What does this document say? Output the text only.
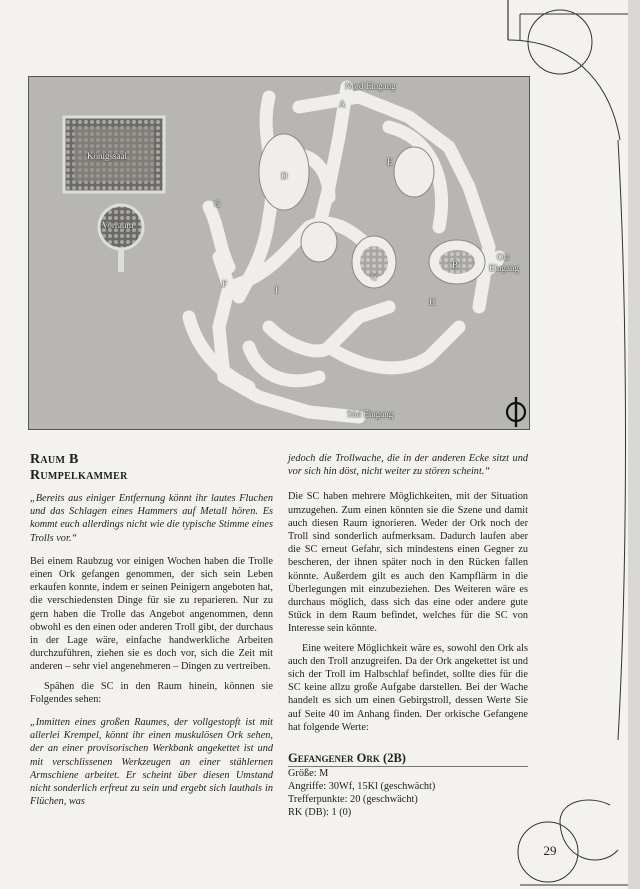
Königssaal
Vorraum
Nord Eingang
Ost
Eingang
Süd Eingang
A
B
C
D
E
F
G
H
I
Raum B
Rumpelkammer

„Bereits aus einiger Entfernung könnt ihr lautes Fluchen und das Schlagen eines Hammers auf Metall hören. Es kommt euch allerdings nicht wie die typische Stimme eines Trolls vor.“

Bei einem Raubzug vor einigen Wochen haben die Trolle einen Ork gefangen genommen, der sich sein Leben erkaufen konnte, indem er seinen Peinigern angeboten hat, die verschiedensten Dinge für sie zu reparieren. Nur zu gern haben die Trolle das Angebot angenommen, denn obwohl es den einen oder anderen Troll gibt, der durchaus in der Lage wäre, einfache handwerkliche Arbeiten durchzuführen, ziehen sie es doch vor, sich die Zeit mit anderen – sehr viel angenehmeren – Dingen zu vertreiben.

Spähen die SC in den Raum hinein, können sie Folgendes sehen:

„Inmitten eines großen Raumes, der vollgestopft ist mit allerlei Krempel, könnt ihr einen muskulösen Ork sehen, der an einer provisorischen Werkbank angekettet ist und mit verschlissenen Werkzeugen an einer stählernen Armschiene arbeitet. Er scheint über diesen Umstand nicht sonderlich erfreut zu sein und ergebt sich lauthals in Flüchen, was

jedoch die Trollwache, die in der anderen Ecke sitzt und vor sich hin döst, nicht weiter zu stören scheint.“

Die SC haben mehrere Möglichkeiten, mit der Situation umzugehen. Zum einen könnten sie die Szene und damit auch diesen Raum ignorieren. Weder der Ork noch der Troll sind sonderlich aufmerksam. Dadurch laufen aber die SC erneut Gefahr, sich mindestens einen Gegner zu bescheren, der ihnen später noch in den Rücken fallen könnte. Außerdem gilt es auch den Kampflärm in die Überlegungen mit einzubeziehen. Des Weiteren wäre es durchaus möglich, dass sich das eine oder andere gute Stück in dem Raum befindet, welches für die SC von Interesse sein könnte.

Eine weitere Möglichkeit wäre es, sowohl den Ork als auch den Troll anzugreifen. Da der Ork angekettet ist und sich der Troll im Halbschlaf befindet, sollte dies für die SC keine allzu große Aufgabe darstellen. Bei der Wache handelt es sich um einen Gebirgstroll, dessen Werte Sie auf Seite 40 im Anhang finden. Der orkische Gefangene hat folgende Werte:

Gefangener Ork (2B)

Größe: M

Angriffe: 30Wf, 15Kl (geschwächt)

Trefferpunkte: 20 (geschwächt)

RK (DB): 1 (0)

29
